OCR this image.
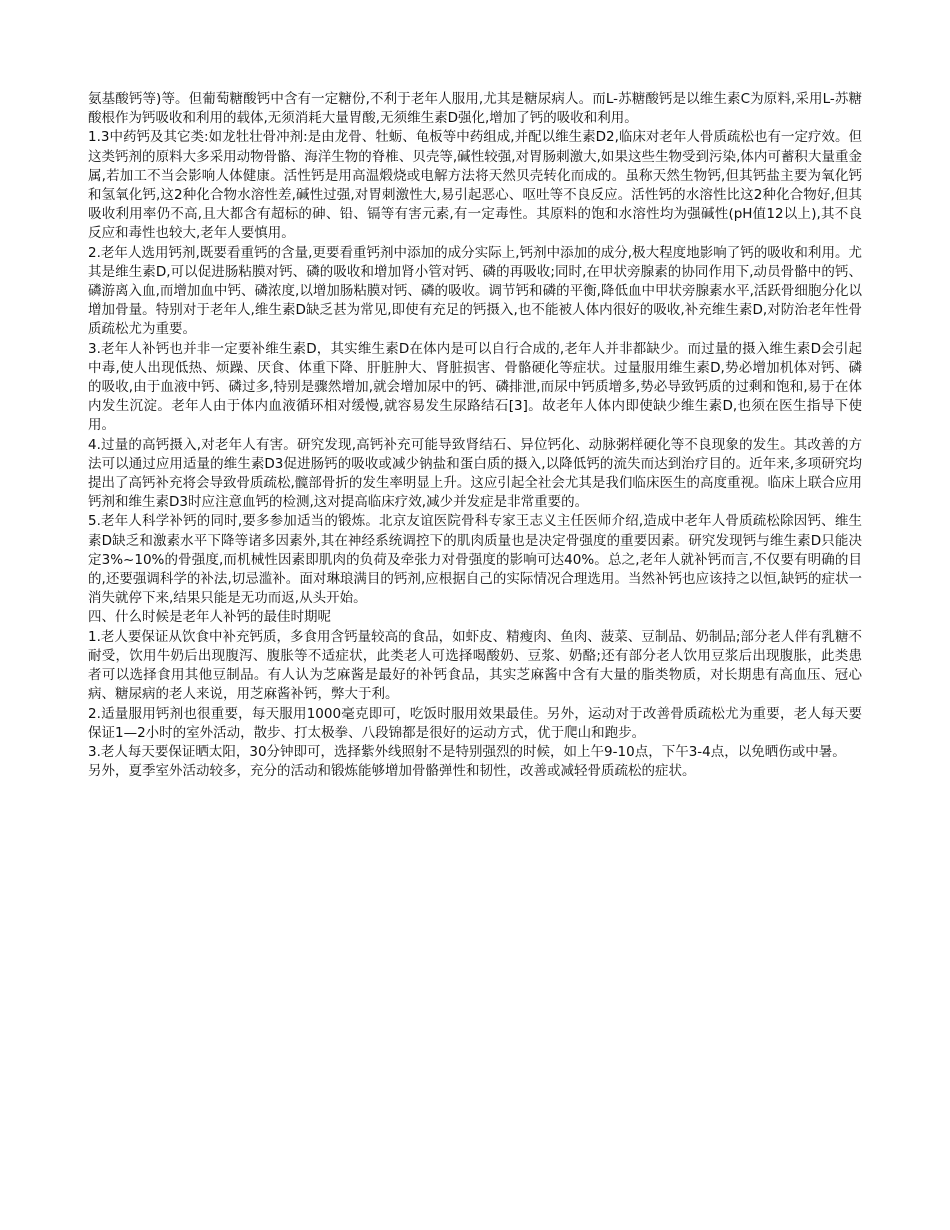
氨基酸钙等)等。但葡萄糖酸钙中含有一定糖份,不利于老年人服用,尤其是糖尿病人。而L-苏糖酸钙是以维生素C为原料,采用L-苏糖酸根作为钙吸收和利用的载体,无须消耗大量胃酸,无须维生素D强化,增加了钙的吸收和利用。

1.3中药钙及其它类:如龙牡壮骨冲剂:是由龙骨、牡蛎、龟板等中药组成,并配以维生素D2,临床对老年人骨质疏松也有一定疗效。但这类钙剂的原料大多采用动物骨骼、海洋生物的脊椎、贝壳等,碱性较强,对胃肠刺激大,如果这些生物受到污染,体内可蓄积大量重金属,若加工不当会影响人体健康。活性钙是用高温煅烧或电解方法将天然贝壳转化而成的。虽称天然生物钙,但其钙盐主要为氧化钙和氢氧化钙,这2种化合物水溶性差,碱性过强,对胃刺激性大,易引起恶心、呕吐等不良反应。活性钙的水溶性比这2种化合物好,但其吸收利用率仍不高,且大都含有超标的砷、铅、镉等有害元素,有一定毒性。其原料的饱和水溶性均为强碱性(pH值12以上),其不良反应和毒性也较大,老年人要慎用。

2.老年人选用钙剂,既要看重钙的含量,更要看重钙剂中添加的成分实际上,钙剂中添加的成分,极大程度地影响了钙的吸收和利用。尤其是维生素D,可以促进肠粘膜对钙、磷的吸收和增加肾小管对钙、磷的再吸收;同时,在甲状旁腺素的协同作用下,动员骨骼中的钙、磷游离入血,而增加血中钙、磷浓度,以增加肠粘膜对钙、磷的吸收。调节钙和磷的平衡,降低血中甲状旁腺素水平,活跃骨细胞分化以增加骨量。特别对于老年人,维生素D缺乏甚为常见,即使有充足的钙摄入,也不能被人体内很好的吸收,补充维生素D,对防治老年性骨质疏松尤为重要。

3.老年人补钙也并非一定要补维生素D，其实维生素D在体内是可以自行合成的,老年人并非都缺少。而过量的摄入维生素D会引起中毒,使人出现低热、烦躁、厌食、体重下降、肝脏肿大、肾脏损害、骨骼硬化等症状。过量服用维生素D,势必增加机体对钙、磷的吸收,由于血液中钙、磷过多,特别是骤然增加,就会增加尿中的钙、磷排泄,而尿中钙质增多,势必导致钙质的过剩和饱和,易于在体内发生沉淀。老年人由于体内血液循环相对缓慢,就容易发生尿路结石[3]。故老年人体内即使缺少维生素D,也须在医生指导下使用。

4.过量的高钙摄入,对老年人有害。研究发现,高钙补充可能导致肾结石、异位钙化、动脉粥样硬化等不良现象的发生。其改善的方法可以通过应用适量的维生素D3促进肠钙的吸收或减少钠盐和蛋白质的摄入,以降低钙的流失而达到治疗目的。近年来,多项研究均提出了高钙补充将会导致骨质疏松,髋部骨折的发生率明显上升。这应引起全社会尤其是我们临床医生的高度重视。临床上联合应用钙剂和维生素D3时应注意血钙的检测,这对提高临床疗效,减少并发症是非常重要的。

5.老年人科学补钙的同时,要多参加适当的锻炼。北京友谊医院骨科专家王志义主任医师介绍,造成中老年人骨质疏松除因钙、维生素D缺乏和激素水平下降等诸多因素外,其在神经系统调控下的肌肉质量也是决定骨强度的重要因素。研究发现钙与维生素D只能决定3%~10%的骨强度,而机械性因素即肌肉的负荷及牵张力对骨强度的影响可达40%。总之,老年人就补钙而言,不仅要有明确的目的,还要强调科学的补法,切忌滥补。面对琳琅满目的钙剂,应根据自己的实际情况合理选用。当然补钙也应该持之以恒,缺钙的症状一消失就停下来,结果只能是无功而返,从头开始。

四、什么时候是老年人补钙的最佳时期呢

1.老人要保证从饮食中补充钙质，多食用含钙量较高的食品，如虾皮、精瘦肉、鱼肉、菠菜、豆制品、奶制品;部分老人伴有乳糖不耐受，饮用牛奶后出现腹泻、腹胀等不适症状，此类老人可选择喝酸奶、豆浆、奶酪;还有部分老人饮用豆浆后出现腹胀，此类患者可以选择食用其他豆制品。有人认为芝麻酱是最好的补钙食品，其实芝麻酱中含有大量的脂类物质，对长期患有高血压、冠心病、糖尿病的老人来说，用芝麻酱补钙，弊大于利。

2.适量服用钙剂也很重要，每天服用1000毫克即可，吃饭时服用效果最佳。另外，运动对于改善骨质疏松尤为重要，老人每天要保证1—2小时的室外活动，散步、打太极拳、八段锦都是很好的运动方式，优于爬山和跑步。

3.老人每天要保证晒太阳，30分钟即可，选择紫外线照射不是特别强烈的时候，如上午9-10点，下午3-4点，以免晒伤或中暑。

另外，夏季室外活动较多，充分的活动和锻炼能够增加骨骼弹性和韧性，改善或减轻骨质疏松的症状。
